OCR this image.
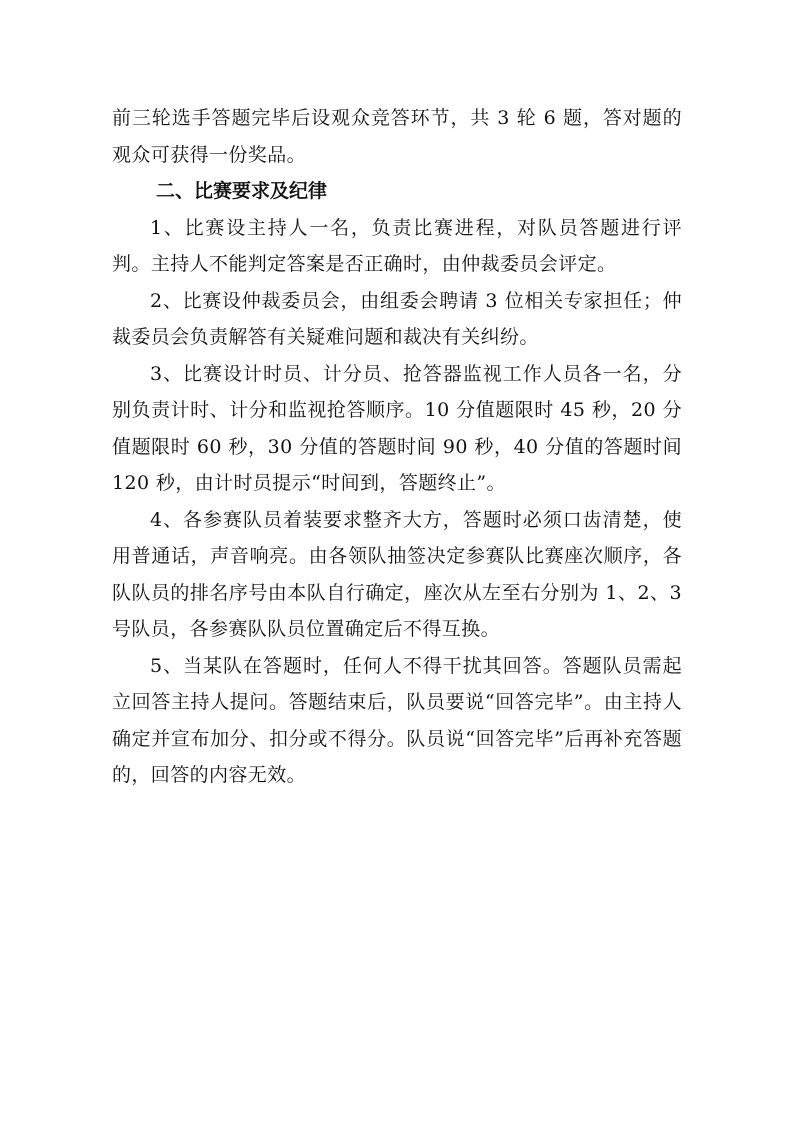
前三轮选手答题完毕后设观众竞答环节，共 3 轮 6 题，答对题的观众可获得一份奖品。

二、比赛要求及纪律

1、比赛设主持人一名，负责比赛进程，对队员答题进行评判。主持人不能判定答案是否正确时，由仲裁委员会评定。

2、比赛设仲裁委员会，由组委会聘请 3 位相关专家担任；仲裁委员会负责解答有关疑难问题和裁决有关纠纷。

3、比赛设计时员、计分员、抢答器监视工作人员各一名，分别负责计时、计分和监视抢答顺序。10 分值题限时 45 秒，20 分值题限时 60 秒，30 分值的答题时间 90 秒，40 分值的答题时间 120 秒，由计时员提示“时间到，答题终止”。

4、各参赛队员着装要求整齐大方，答题时必须口齿清楚，使用普通话，声音响亮。由各领队抽签决定参赛队比赛座次顺序，各队队员的排名序号由本队自行确定，座次从左至右分别为 1、2、3 号队员，各参赛队队员位置确定后不得互换。

5、当某队在答题时，任何人不得干扰其回答。答题队员需起立回答主持人提问。答题结束后，队员要说“回答完毕”。由主持人确定并宣布加分、扣分或不得分。队员说“回答完毕”后再补充答题的，回答的内容无效。
